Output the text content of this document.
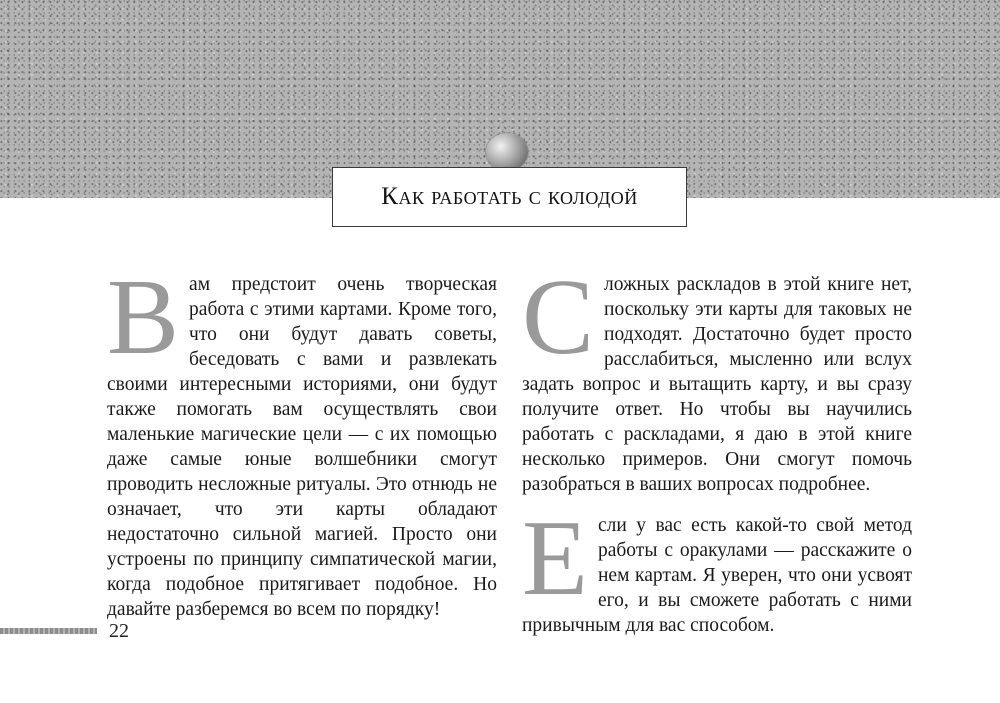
Как работать с колодой

Вам предстоит очень творческая работа с этими картами. Кроме того, что они будут давать советы, беседовать с вами и развлекать своими интересными историями, они будут также помогать вам осуществлять свои маленькие магические цели — с их помощью даже самые юные волшебники смогут проводить несложные ритуалы. Это отнюдь не означает, что эти карты обладают недостаточно сильной магией. Просто они устроены по принципу симпатической магии, когда подобное притягивает подобное. Но давайте разберемся во всем по порядку!

Сложных раскладов в этой книге нет, поскольку эти карты для таковых не подходят. Достаточно будет просто расслабиться, мысленно или вслух задать вопрос и вытащить карту, и вы сразу получите ответ. Но чтобы вы научились работать с раскладами, я даю в этой книге несколько примеров. Они смогут помочь разобраться в ваших вопросах подробнее.

Если у вас есть какой-то свой метод работы с оракулами — расскажите о нем картам. Я уверен, что они усвоят его, и вы сможете работать с ними привычным для вас способом.

22
